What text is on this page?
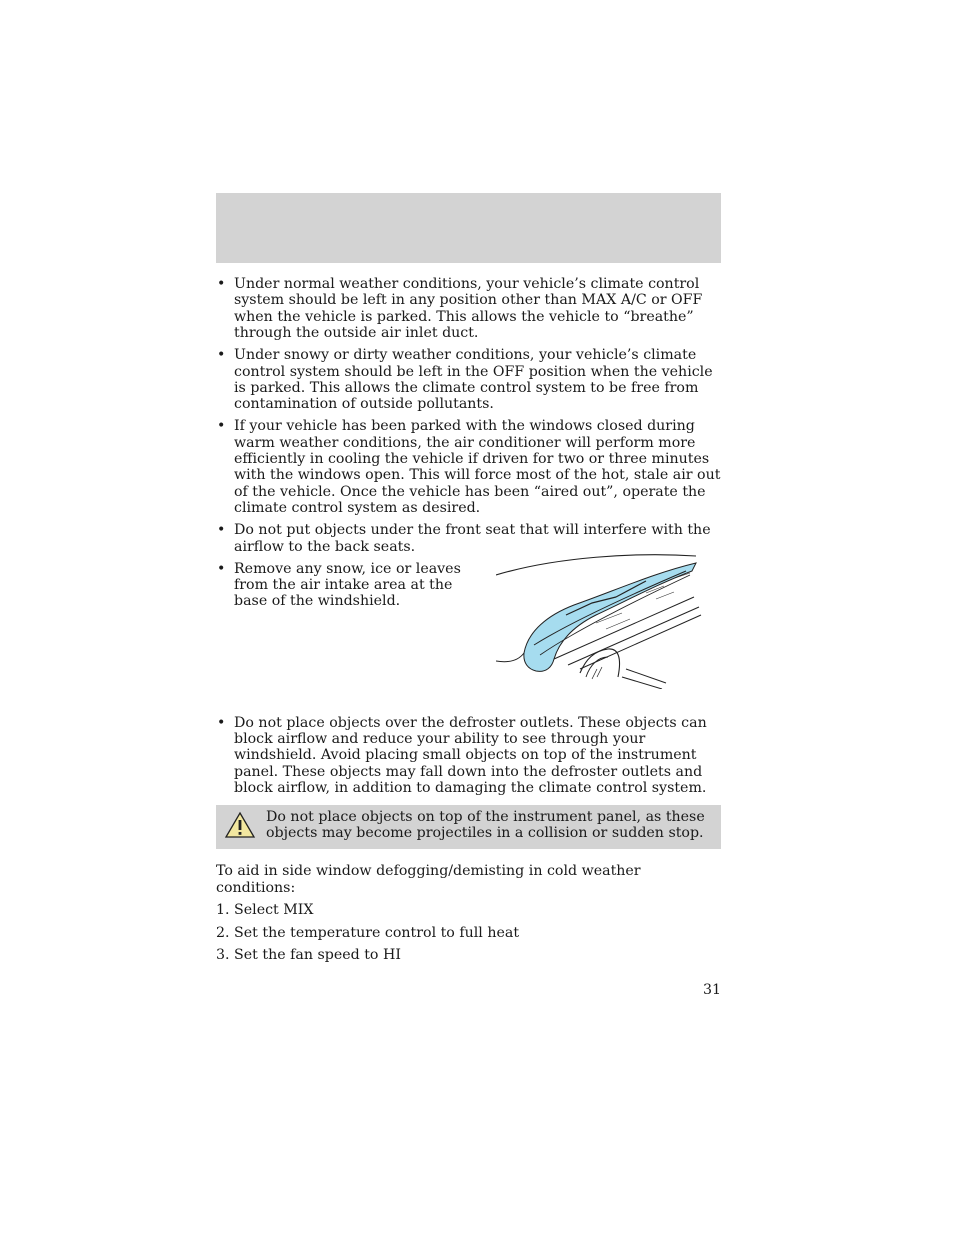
• Under normal weather conditions, your vehicle’s climate control system should be left in any position other than MAX A/C or OFF when the vehicle is parked. This allows the vehicle to “breathe” through the outside air inlet duct.
• Under snowy or dirty weather conditions, your vehicle’s climate control system should be left in the OFF position when the vehicle is parked. This allows the climate control system to be free from contamination of outside pollutants.
• If your vehicle has been parked with the windows closed during warm weather conditions, the air conditioner will perform more efficiently in cooling the vehicle if driven for two or three minutes with the windows open. This will force most of the hot, stale air out of the vehicle. Once the vehicle has been “aired out”, operate the climate control system as desired.
• Do not put objects under the front seat that will interfere with the airflow to the back seats.
• Remove any snow, ice or leaves from the air intake area at the base of the windshield.
• Do not place objects over the defroster outlets. These objects can block airflow and reduce your ability to see through your windshield. Avoid placing small objects on top of the instrument panel. These objects may fall down into the defroster outlets and block airflow, in addition to damaging the climate control system.
Do not place objects on top of the instrument panel, as these objects may become projectiles in a collision or sudden stop.
To aid in side window defogging/demisting in cold weather conditions:
1. Select MIX
2. Set the temperature control to full heat
3. Set the fan speed to HI
31
